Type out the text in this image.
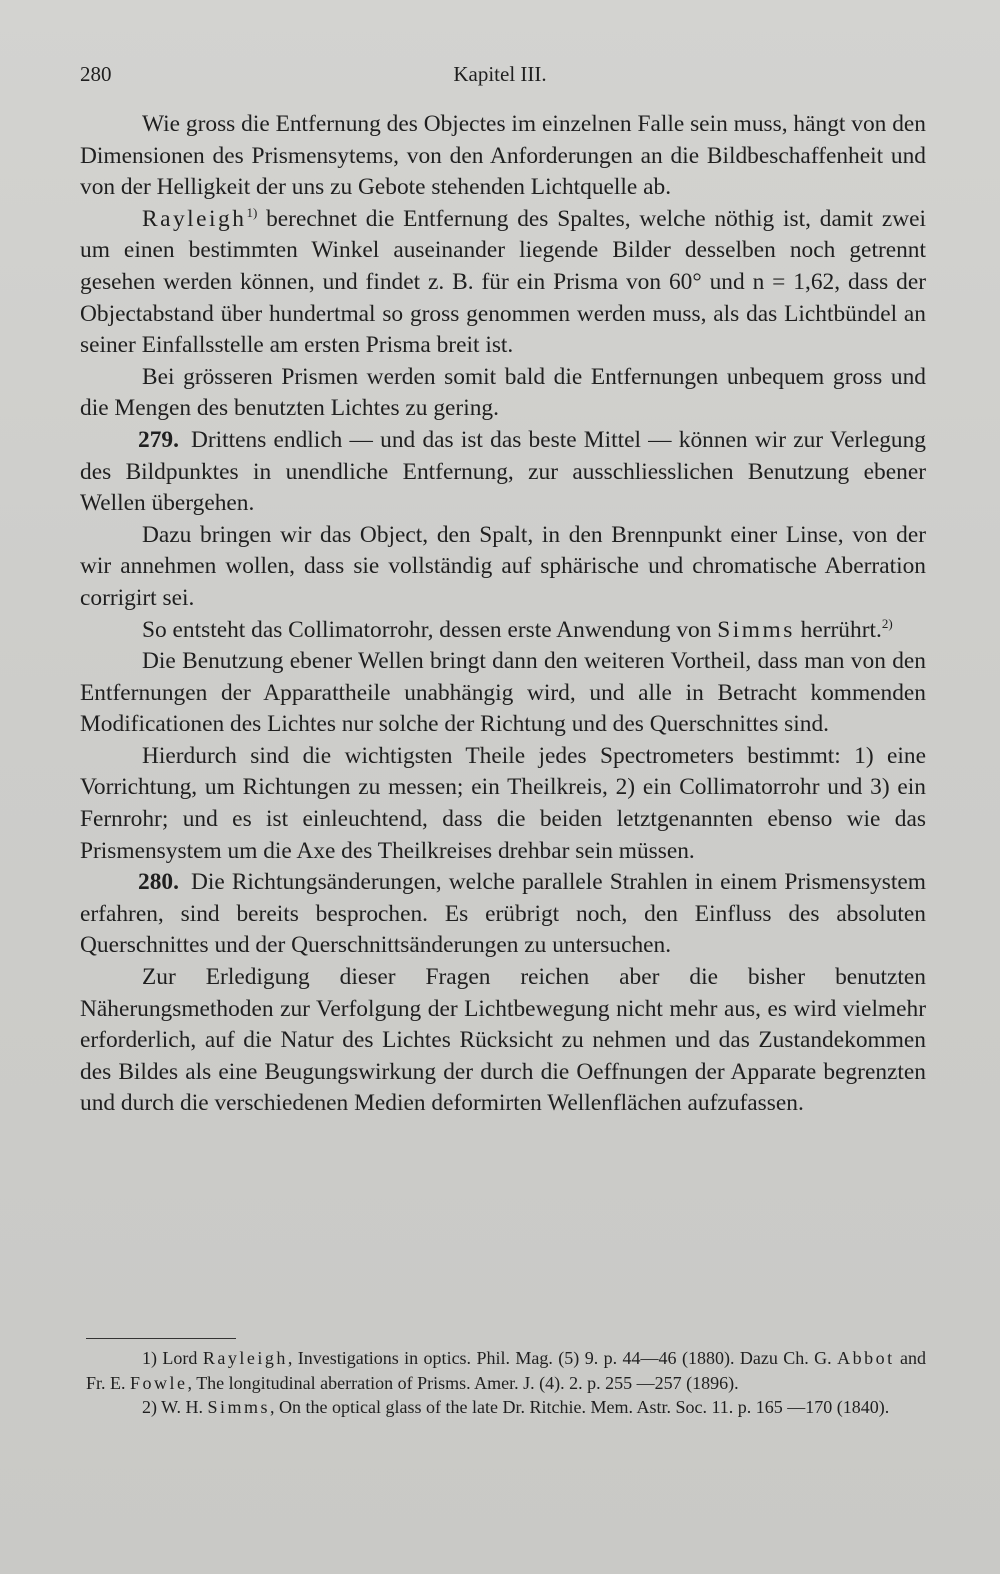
280	Kapitel III.

Wie gross die Entfernung des Objectes im einzelnen Falle sein muss, hängt von den Dimensionen des Prismensytems, von den Anforderungen an die Bildbeschaffenheit und von der Helligkeit der uns zu Gebote stehenden Lichtquelle ab.

Rayleigh$^{1)}$ berechnet die Entfernung des Spaltes, welche nöthig ist, damit zwei um einen bestimmten Winkel auseinander liegende Bilder desselben noch getrennt gesehen werden können, und findet z. B. für ein Prisma von 60° und n = 1,62, dass der Objectabstand über hundertmal so gross genommen werden muss, als das Lichtbündel an seiner Einfallsstelle am ersten Prisma breit ist.

Bei grösseren Prismen werden somit bald die Entfernungen unbequem gross und die Mengen des benutzten Lichtes zu gering.

279. Drittens endlich — und das ist das beste Mittel — können wir zur Verlegung des Bildpunktes in unendliche Entfernung, zur ausschliesslichen Benutzung ebener Wellen übergehen.

Dazu bringen wir das Object, den Spalt, in den Brennpunkt einer Linse, von der wir annehmen wollen, dass sie vollständig auf sphärische und chromatische Aberration corrigirt sei.

So entsteht das Collimatorrohr, dessen erste Anwendung von Simms herrührt.$^{2)}$

Die Benutzung ebener Wellen bringt dann den weiteren Vortheil, dass man von den Entfernungen der Apparattheile unabhängig wird, und alle in Betracht kommenden Modificationen des Lichtes nur solche der Richtung und des Querschnittes sind.

Hierdurch sind die wichtigsten Theile jedes Spectrometers bestimmt: 1) eine Vorrichtung, um Richtungen zu messen; ein Theilkreis, 2) ein Collimatorrohr und 3) ein Fernrohr; und es ist einleuchtend, dass die beiden letztgenannten ebenso wie das Prismensystem um die Axe des Theilkreises drehbar sein müssen.

280. Die Richtungsänderungen, welche parallele Strahlen in einem Prismensystem erfahren, sind bereits besprochen. Es erübrigt noch, den Einfluss des absoluten Querschnittes und der Querschnittsänderungen zu untersuchen.

Zur Erledigung dieser Fragen reichen aber die bisher benutzten Näherungsmethoden zur Verfolgung der Lichtbewegung nicht mehr aus, es wird vielmehr erforderlich, auf die Natur des Lichtes Rücksicht zu nehmen und das Zustandekommen des Bildes als eine Beugungswirkung der durch die Oeffnungen der Apparate begrenzten und durch die verschiedenen Medien deformirten Wellenflächen aufzufassen.

1) Lord Rayleigh, Investigations in optics. Phil. Mag. (5) 9. p. 44—46 (1880). Dazu Ch. G. Abbot and Fr. E. Fowle, The longitudinal aberration of Prisms. Amer. J. (4). 2. p. 255 —257 (1896).

2) W. H. Simms, On the optical glass of the late Dr. Ritchie. Mem. Astr. Soc. 11. p. 165 —170 (1840).
